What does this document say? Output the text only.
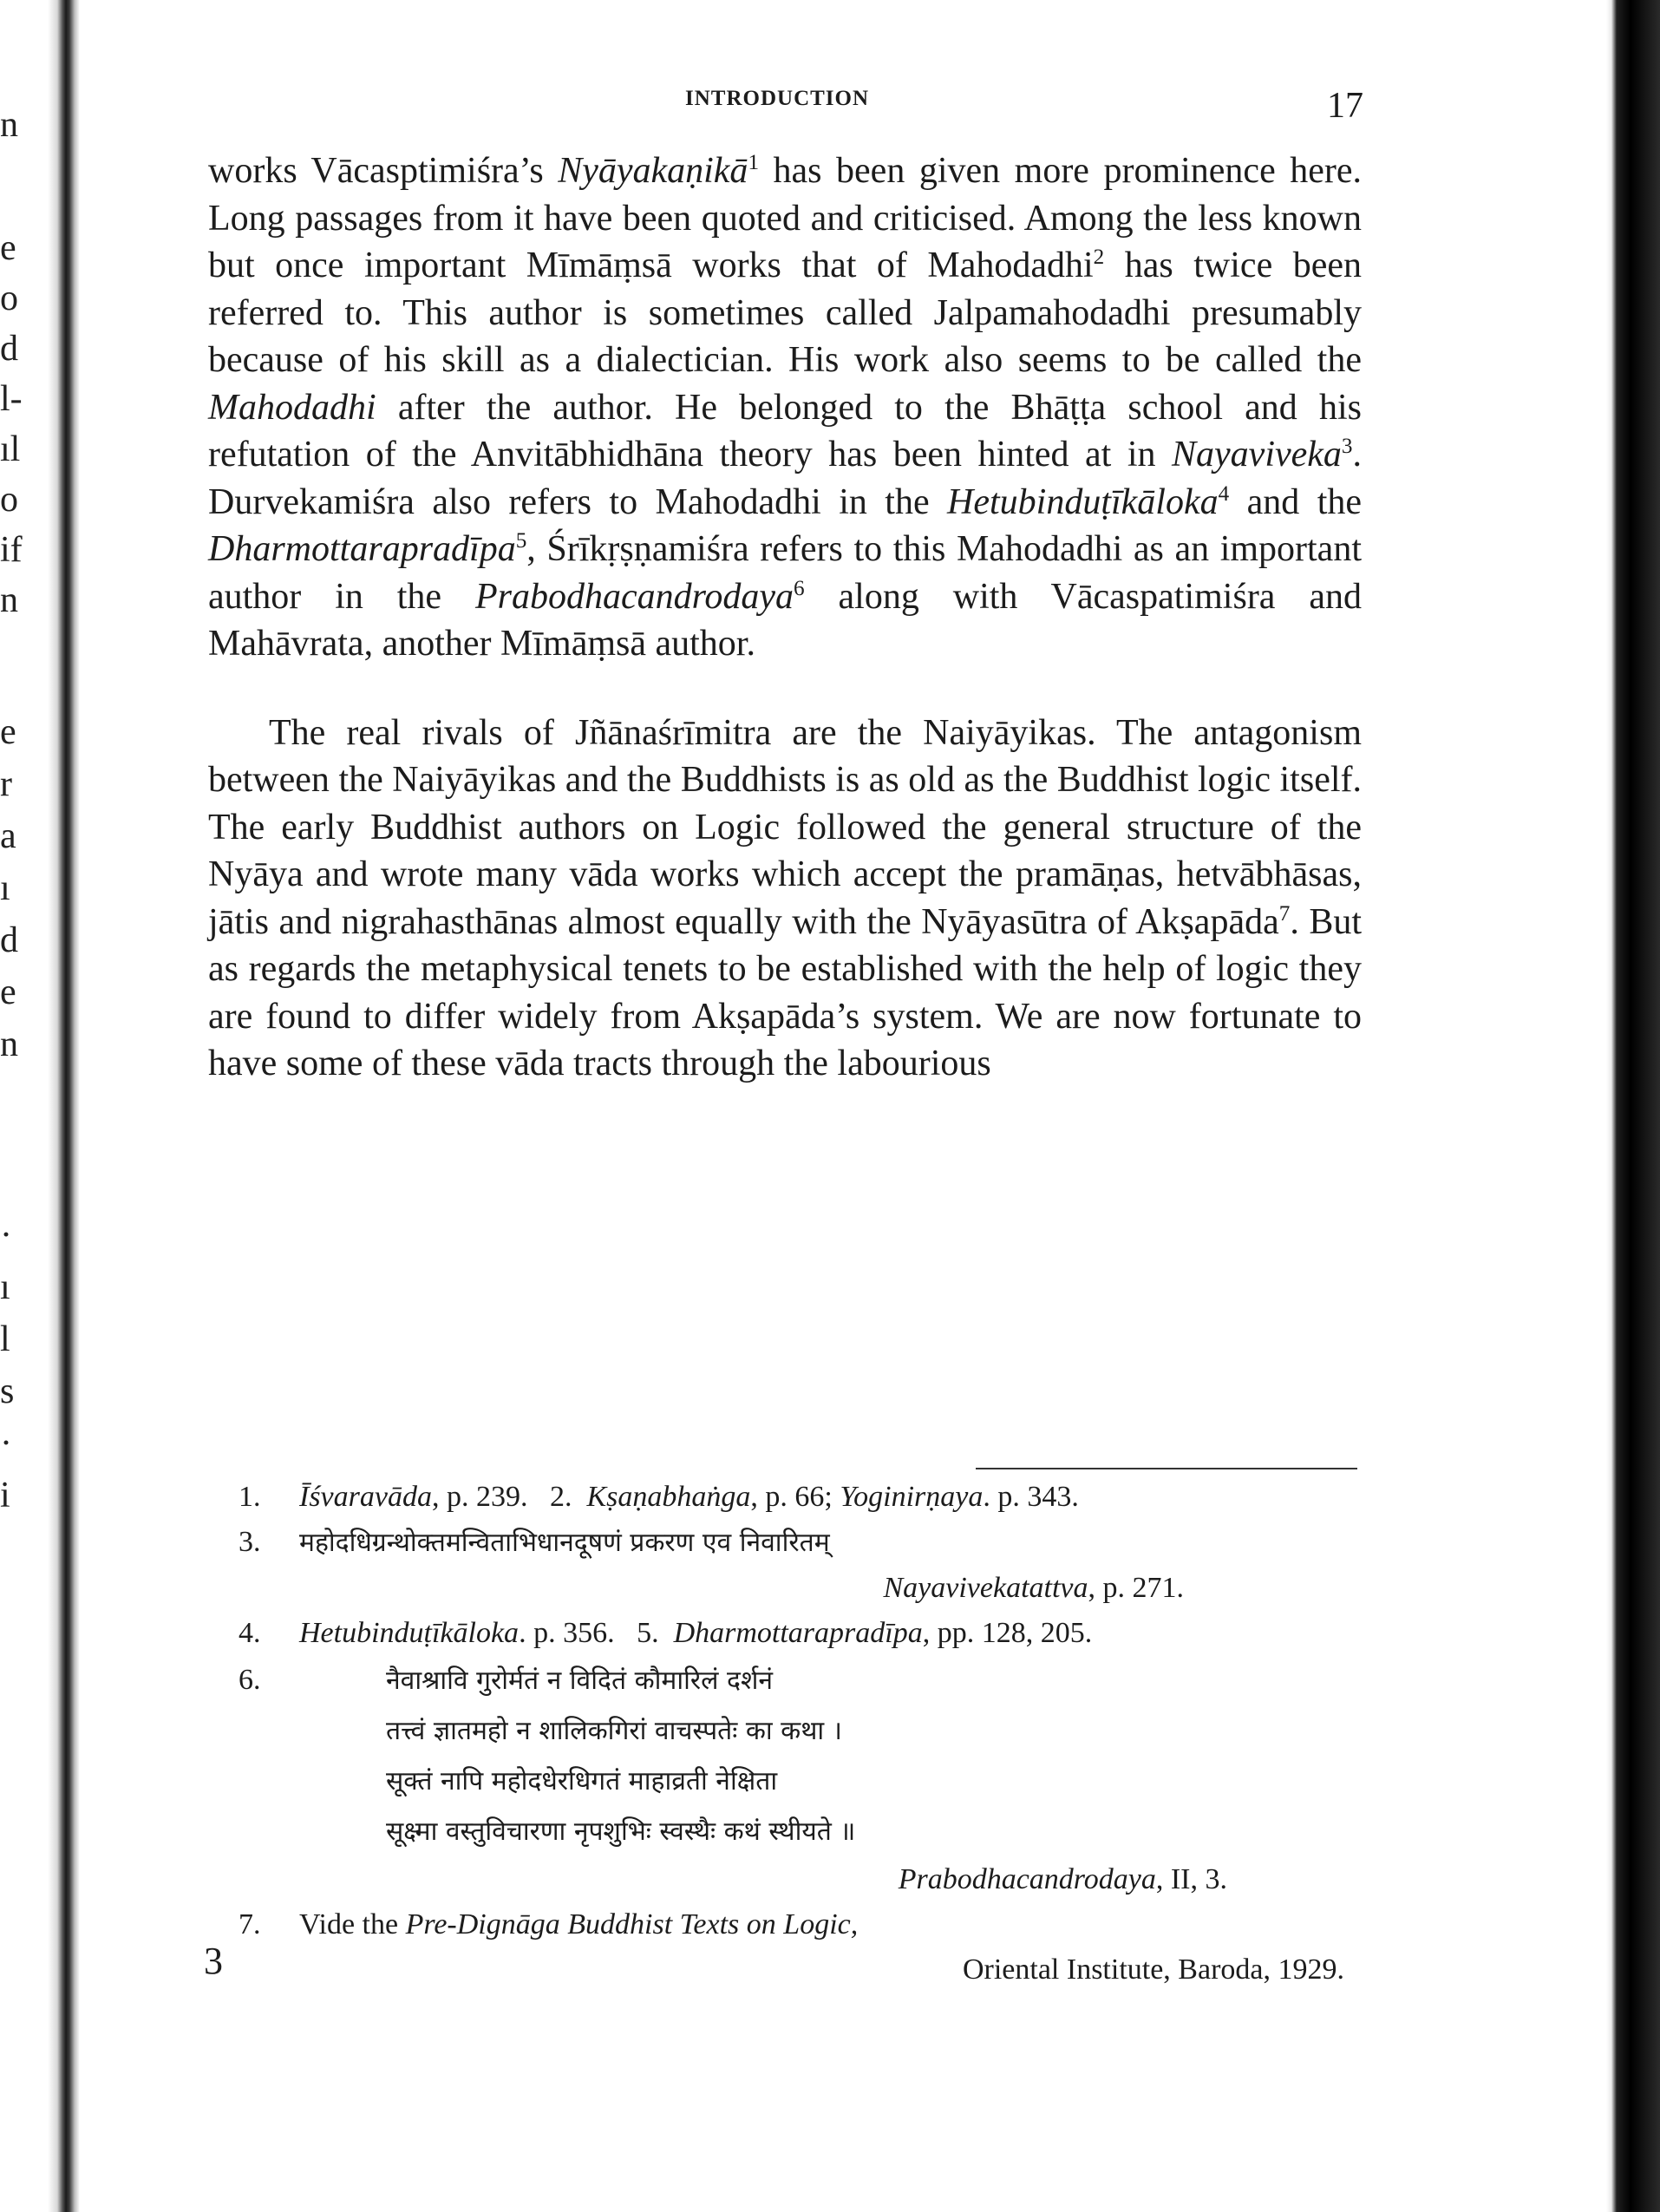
n
e
o
d
l-
ıl
o
if
n
e
r
a
ı
d
e
n
·
ı
l
s
·
i
INTRODUCTION	17

works Vācasptimiśra’s Nyāyakaṇikā$^1$ has been given more prominence here. Long passages from it have been quoted and criticised. Among the less known but once important Mīmāṃsā works that of Mahodadhi$^2$ has twice been referred to. This author is sometimes called Jalpamahodadhi presumably because of his skill as a dialectician. His work also seems to be called the Mahodadhi after the author. He belonged to the Bhāṭṭa school and his refutation of the Anvitābhidhāna theory has been hinted at in Nayaviveka$^3$. Durvekamiśra also refers to Mahodadhi in the Hetubinduṭīkāloka$^4$ and the Dharmottarapradīpa$^5$, Śrīkṛṣṇamiśra refers to this Mahodadhi as an important author in the Prabodhacandrodaya$^6$ along with Vācaspatimiśra and Mahāvrata, another Mīmāṃsā author.

The real rivals of Jñānaśrīmitra are the Naiyāyikas. The antagonism between the Naiyāyikas and the Buddhists is as old as the Buddhist logic itself. The early Buddhist authors on Logic followed the general structure of the Nyāya and wrote many vāda works which accept the pramāṇas, hetvābhāsas, jātis and nigrahasthānas almost equally with the Nyāyasūtra of Akṣapāda$^7$. But as regards the metaphysical tenets to be established with the help of logic they are found to differ widely from Akṣapāda’s system. We are now fortunate to have some of these vāda tracts through the labourious

1. Īśvaravāda, p. 239. 2. Kṣaṇabhaṅga, p. 66; Yoginirṇaya. p. 343.
3. महोदधिग्रन्थोक्तमन्विताभिधानदूषणं प्रकरण एव निवारितम्
Nayavivekatattva, p. 271.
4. Hetubinduṭīkāloka. p. 356. 5. Dharmottarapradīpa, pp. 128, 205.
6.	नैवाश्रावि गुरोर्मतं न विदितं कौमारिलं दर्शनं
तत्त्वं ज्ञातमहो न शालिकगिरां वाचस्पतेः का कथा ।
सूक्तं नापि महोदधेरधिगतं माहाव्रती नेक्षिता
सूक्ष्मा वस्तुविचारणा नृपशुभिः स्वस्थैः कथं स्थीयते ॥
Prabodhacandrodaya, II, 3.
7. Vide the Pre-Dignāga Buddhist Texts on Logic,
Oriental Institute, Baroda, 1929.
3
